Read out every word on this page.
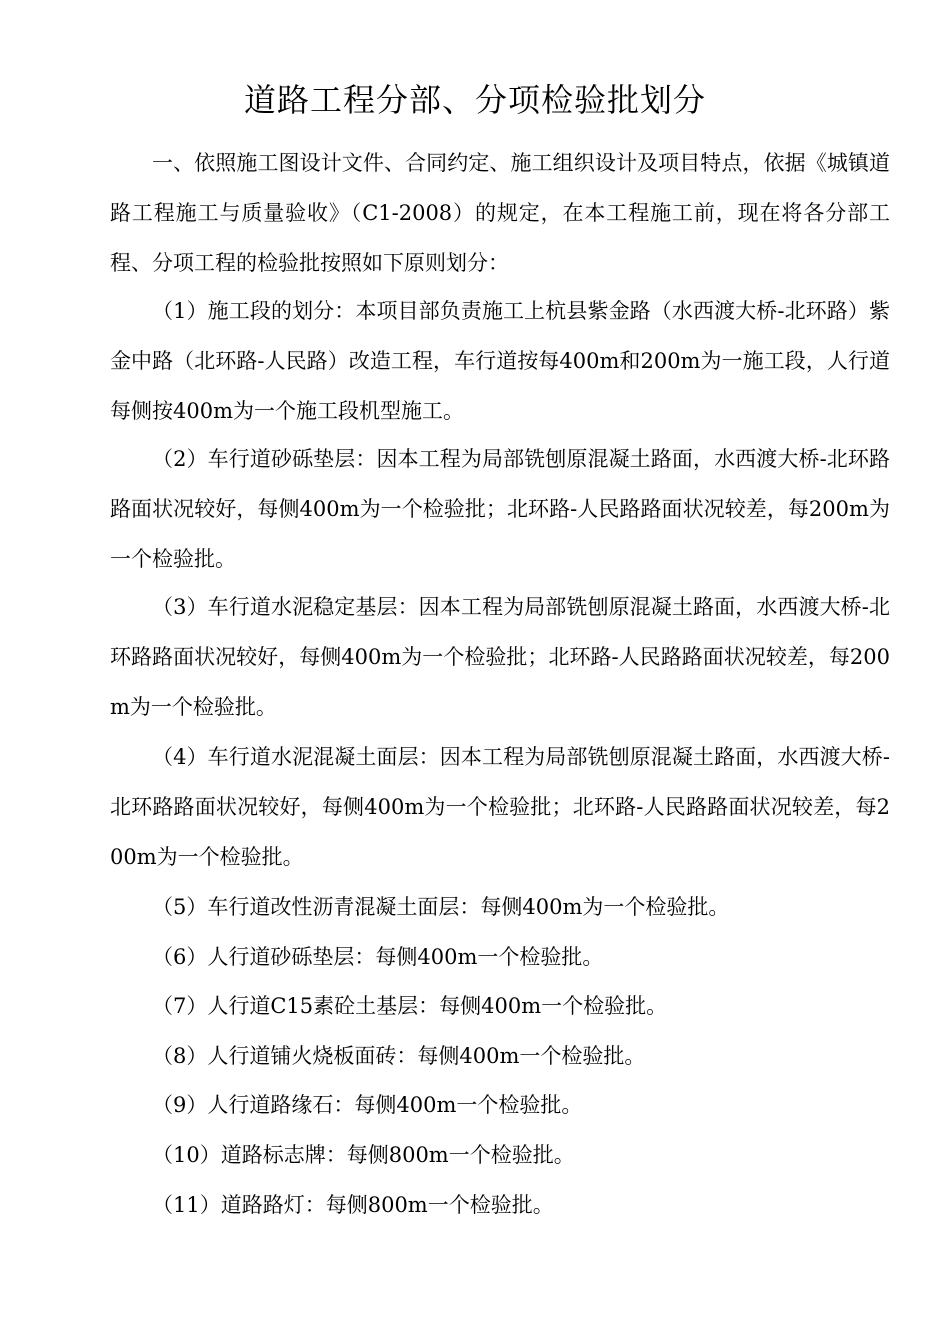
道路工程分部、分项检验批划分

一、依照施工图设计文件、合同约定、施工组织设计及项目特点，依据《城镇道路工程施工与质量验收》（C1-2008）的规定，在本工程施工前，现在将各分部工程、分项工程的检验批按照如下原则划分：

（1）施工段的划分：本项目部负责施工上杭县紫金路（水西渡大桥-北环路）紫金中路（北环路-人民路）改造工程，车行道按每400m和200m为一施工段，人行道每侧按400m为一个施工段机型施工。

（2）车行道砂砾垫层：因本工程为局部铣刨原混凝土路面，水西渡大桥-北环路路面状况较好，每侧400m为一个检验批；北环路-人民路路面状况较差，每200m为一个检验批。

（3）车行道水泥稳定基层：因本工程为局部铣刨原混凝土路面，水西渡大桥-北环路路面状况较好，每侧400m为一个检验批；北环路-人民路路面状况较差，每200m为一个检验批。

（4）车行道水泥混凝土面层：因本工程为局部铣刨原混凝土路面，水西渡大桥-北环路路面状况较好，每侧400m为一个检验批；北环路-人民路路面状况较差，每200m为一个检验批。

（5）车行道改性沥青混凝土面层：每侧400m为一个检验批。

（6）人行道砂砾垫层：每侧400m一个检验批。

（7）人行道C15素砼土基层：每侧400m一个检验批。

（8）人行道铺火烧板面砖：每侧400m一个检验批。

（9）人行道路缘石：每侧400m一个检验批。

（10）道路标志牌：每侧800m一个检验批。

（11）道路路灯：每侧800m一个检验批。
